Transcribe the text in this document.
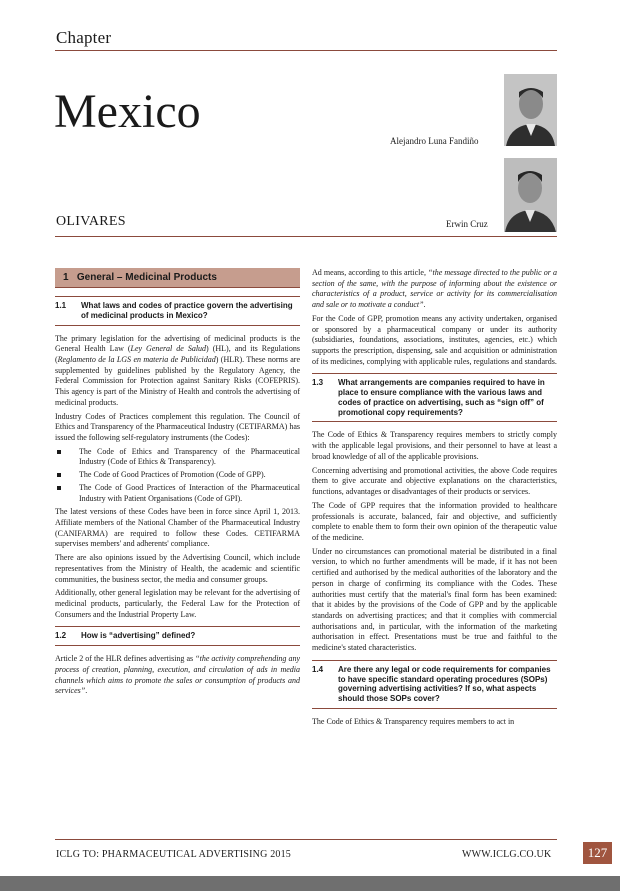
Chapter
Mexico
Alejandro Luna Fandiño
Erwin Cruz
OLIVARES
1 General – Medicinal Products
1.1 What laws and codes of practice govern the advertising of medicinal products in Mexico?

The primary legislation for the advertising of medicinal products is the General Health Law (Ley General de Salud) (HL), and its Regulations (Reglamento de la LGS en materia de Publicidad) (HLR). These norms are supplemented by guidelines published by the Regulatory Agency, the Federal Commission for Protection against Sanitary Risks (COFEPRIS). This agency is part of the Ministry of Health and controls the advertising of medicinal products.

Industry Codes of Practices complement this regulation. The Council of Ethics and Transparency of the Pharmaceutical Industry (CETIFARMA) has issued the following self-regulatory instruments (the Codes):

The Code of Ethics and Transparency of the Pharmaceutical Industry (Code of Ethics & Transparency).
The Code of Good Practices of Promotion (Code of GPP).
The Code of Good Practices of Interaction of the Pharmaceutical Industry with Patient Organisations (Code of GPI).

The latest versions of these Codes have been in force since April 1, 2013. Affiliate members of the National Chamber of the Pharmaceutical Industry (CANIFARMA) are required to follow these Codes. CETIFARMA supervises members' and adherents' compliance.

There are also opinions issued by the Advertising Council, which include representatives from the Ministry of Health, the academic and scientific communities, the business sector, the media and consumer groups.

Additionally, other general legislation may be relevant for the advertising of medicinal products, particularly, the Federal Law for the Protection of Consumers and the Industrial Property Law.

1.2 How is “advertising” defined?

Article 2 of the HLR defines advertising as “the activity comprehending any process of creation, planning, execution, and circulation of ads in media channels which aims to promote the sales or consumption of products and services”.

Ad means, according to this article, “the message directed to the public or a section of the same, with the purpose of informing about the existence or characteristics of a product, service or activity for its commercialisation and sale or to motivate a conduct”.

For the Code of GPP, promotion means any activity undertaken, organised or sponsored by a pharmaceutical company or under its authority (subsidiaries, foundations, associations, institutes, agencies, etc.) which supports the prescription, dispensing, sale and acquisition or administration of its medicines, complying with applicable rules, regulations and standards.

1.3 What arrangements are companies required to have in place to ensure compliance with the various laws and codes of practice on advertising, such as “sign off” of promotional copy requirements?

The Code of Ethics & Transparency requires members to strictly comply with the applicable legal provisions, and their personnel to have at least a broad knowledge of all of the applicable provisions.

Concerning advertising and promotional activities, the above Code requires them to give accurate and objective explanations on the characteristics, functions, advantages or disadvantages of their products or services.

The Code of GPP requires that the information provided to healthcare professionals is accurate, balanced, fair and objective, and sufficiently complete to enable them to form their own opinion of the therapeutic value of the medicine.

Under no circumstances can promotional material be distributed in a final version, to which no further amendments will be made, if it has not been certified and authorised by the medical authorities of the laboratory and the person in charge of confirming its compliance with the Codes. These authorities must certify that the material's final form has been examined: that it abides by the provisions of the Code of GPP and by the applicable standards on advertising practices; and that it complies with commercial authorisations and, in particular, with the information of the marketing authorisation in effect. Presentations must be true and faithful to the medicine's stated characteristics.

1.4 Are there any legal or code requirements for companies to have specific standard operating procedures (SOPs) governing advertising activities? If so, what aspects should those SOPs cover?

The Code of Ethics & Transparency requires members to act in

ICLG TO: PHARMACEUTICAL ADVERTISING 2015	WWW.ICLG.CO.UK	127
